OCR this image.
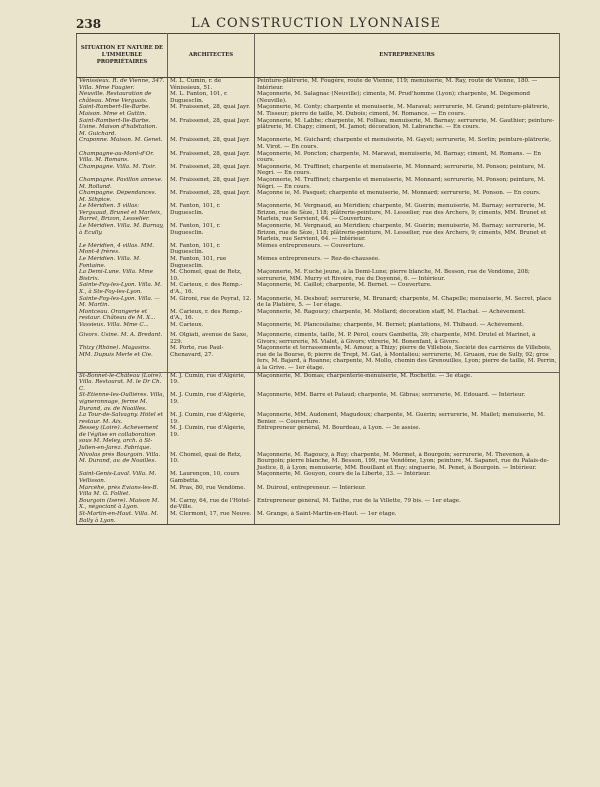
238	LA CONSTRUCTION LYONNAISE
SITUATION ET NATURE DE L'IMMEUBLE PROPRIÉTAIRES	ARCHITECTES	ENTREPRENEURS
Vénissieux. R. de Vienne, 347. Villa. Mme Faugier.	M. L. Cumin, r. de Vénissieux, 51.	Peinture-plâtrerie, M. Fougère, route de Vienne, 119; menuiserie, M. Ray, route de Vienne, 180. — Intérieur.
Neuville. Restauration de château. Mme Verguais.	M. L. Fanton, 101, r. Duguesclin.	Maçonnerie, M. Salagnac (Neuville); ciments, M. Prud'homme (Lyon); charpente, M. Dégemond (Neuville).
Saint-Rambert-Ile-Barbe. Maison. Mme et Guttin.	M. Fraissenet, 28, quai Jayr.	Maçonnerie, M. Conty; charpente et menuiserie, M. Maravat; serrurerie, M. Grand; peinture-plâtrerie, M. Tisseur; pierre de taille, M. Dubois; ciment, M. Romance. — En cours.
Saint-Rambert-Ile-Barbe. Usine. Maison d'habitation. M. Guichard.	M. Fraissenet, 28, quai Jayr.	Maçonnerie, M. Labbe; charpente, M. Folliau; menuiserie, M. Barnay; serrurerie, M. Gauthier; peinture-plâtrerie, M. Chapy; ciment, M. Jamot; décoration, M. Labranche. — En cours.
Craponne. Maison. M. Genet.	M. Fraissenet, 28, quai Jayr.	Maçonnerie, M. Guichard; charpente et menuiserie, M. Gayet; serrurerie, M. Sorlin; peinture-plâtrerie, M. Virot. — En cours.
Champagne-au-Mont-d'Or. Villa. M. Romans.	M. Fraissenet, 28, quai Jayr.	Maçonnerie, M. Poncton; charpente, M. Maravat, menuiserie, M. Barnay; ciment, M. Romans. — En cours.
Champagne. Villa. M. Tisir.	M. Fraissenet, 28, quai Jayr.	Maçonnerie, M. Truffinet; charpente et menuiserie, M. Monnard; serrurerie, M. Ponson; peinture, M. Negri. — En cours.
Champagne. Pavillon annexe. M. Rolland.	M. Fraissenet, 28, quai Jayr.	Maçonnerie, M. Truffinet; charpente et menuiserie, M. Monnard; serrurerie, M. Ponson; peinture, M. Négri. — En cours.
Champagne. Dépendances. M. Sthpice.	M. Fraissenet, 28, quai Jayr.	Maçonne ie, M. Pasquet; charpente et menuiserie, M. Monnard; serrurerie, M. Ponson. — En cours.
Le Méridien. 5 villas: Verguaud, Brunet et Marleix, Barret, Brizon, Lesselier.	M. Fanton, 101, r. Duguesclin.	Maçonnerie, M. Vergnaud, au Méridien; charpente, M. Guérin; menuiserie, M. Barnay; serrurerie, M. Brizon, rue de Sèze, 118; plâtrerie-peinture, M. Lesselier, rue des Archers, 9; ciments, MM. Brunet et Marleix, rue Servient, 64. — Couverture.
Le Méridien. Villa. M. Barnay, à Ecully.	M. Fanton, 101, r. Duguesclin.	Maçonnerie, M. Vergnaud, au Méridien; charpente, M. Guérin; menuiserie, M. Barnay; serrurerie, M. Brizon, rue de Sèze, 118; plâtrerie-peinture, M. Lesselier, rue des Archers, 9; ciments, MM. Brunet et Marleix, rue Servient, 64. — Intérieur.
Le Méridien, 4 villas. MM. Mont-4 frères.	M. Fanton, 101, r. Duguesclin.	Mêmes entrepreneurs. — Couverture.
Le Méridien. Villa. M. Fontaine.	M. Fanton, 101, rue Duguesclin.	Mêmes entrepreneurs. — Rez-de-chaussée.
La Demi-Lune. Villa. Mme Bistrix.	M. Chomel, quai de Retz, 10.	Maçonnerie, M. F.uché jeune, à la Demi-Lune; pierre blanche, M. Besson, rue de Vendôme, 208; serrurerie, MM. Murry et Rivoire, rue du Doyenné, 6. — Intérieur.
Sainte-Foy-les-Lyon. Villa. M. X., à Ste-Foy-les-Lyon.	M. Carieux, r. des Remp.-d'A., 16.	Maçonnerie, M. Caillot; charpente, M. Bernet. — Couverture.
Sainte-Foy-les-Lyon. Villa. — M. Martin.	M. Gironi, rue de Peyrat, 12.	Maçonnerie, M. Desbouf; serrurerie, M. Brunard; charpente, M. Chapelle; menuiserie, M. Secret, place de la Platière, 5. — 1er étage.
Montceau. Orangerie et restaur. Château de M. X...	M. Carieux, r. des Remp.-d'A., 16.	Maçonnerie, M. Ragoucy; charpente, M. Mollard; décoration staff, M. Flachat. — Achèvement.
Vassieux. Villa. Mme C...	M. Carieux.	Maçonnerie, M. Plancoulaine; charpente, M. Bernet; plantations, M. Thibaud. — Achèvement.
Givors. Usine. M. A. Bredant.	M. Olgiati, avenue de Saxe, 229.	Maçonnerie, ciments, taille, M. P. Pérol, cours Gambetta, 39; charpente, MM. Drutel et Marinet, à Givors; serrurerie, M. Vialet, à Givors; vitrerie, M. Bonenfant, à Givors.
Thizy (Rhône). Magasins. MM. Dupuis Merle et Cie.	M. Porte, rue Paul-Chenavard, 27.	Maçonnerie et terrassements, M. Amour, à Thizy; pierre de Villebois, Société des carrières de Villebois, rue de la Bourse, 6; pierre de Trept, M. Gat, à Montalieu; serrurerie, M. Gruaon, rue de Sully, 92; gros fers, M. Bajard, à Roanne; charpente, M. Mollo, chemin des Grenouilles, Lyon; pierre de taille, M. Perrin, à la Grive. — 1er étage.
St-Bonnet-le-Château (Loire). Villa. Restaurat. M. le Dr Ch. C.	M. J. Cumin, rue d'Algérie, 19.	Maçonnerie, M. Domas; charpenterie-menuiserie, M. Rochette. — 3e étage.
St-Etienne-les-Oullières. Villa, vigneronnage, ferme M. Durand, av. de Noailles.	M. J. Cumin, rue d'Algérie, 19.	Maçonnerie, MM. Barre et Pataud; charpente, M. Gibras; serrurerie, M. Edouard. — Intérieur.
La Tour-de-Salvagny. Hôtel et restaur. M. Aix.	M. J. Cumin, rue d'Algérie, 19.	Maçonnerie, MM. Audonent, Magudoux; charpente, M. Guérin; serrurerie, M. Mailet; menuiserie, M. Benier. — Couverture.
Bessey (Loire). Achèvement de l'église en collaboration sous M. Meley, arch. à St-Julien-en-Jarez. Fabrique.	M. J. Cumin, rue d'Algérie, 19.	Entrepreneur général, M. Bourdeau, à Lyon. — 3e assise.
Nivolas près Bourgoin. Villa. M. Durand, av. de Noailles.	M. Chomel, quai de Retz, 10.	Maçonnerie, M. Ragoucy, à Ruy; charpente, M. Mermet, à Bourgoin; serrurerie, M. Thevenon, à Bourgoin; pierre blanche, M. Besson, 199, rue Vendôme, Lyon; peinture, M. Sapanet, rue du Palais-de-Justice, 8, à Lyon; menuiserie, MM. Bouillant et Ruy; singuerie, M. Penet, à Bourgoin. — Intérieur.
Saint-Genis-Laval. Villa. M. Vellisson.	M. Laurençon, 10, cours Gambetta.	Maçonnerie, M. Gouyon, cours de la Liberté, 33. — Intérieur.
Marcéhe, près Evians-les-B. Villa M. G. Folliet.	M. Pras, 80, rue Vendôme.	M. Duiroul, entrepreneur. — Intérieur.
Bourgoin (Isère). Maison M. X., négociant à Lyon.	M. Carny, 64, rue de l'Hôtel-de-Ville.	Entrepreneur général, M. Taithe, rue de la Villette, 79 bis. — 1er étage.
St-Martin-en-Haut. Villa. M. Bally à Lyon.	M. Clermont, 17, rue Neuve.	M. Grange, à Saint-Martin-en-Haut. — 1er étage.
